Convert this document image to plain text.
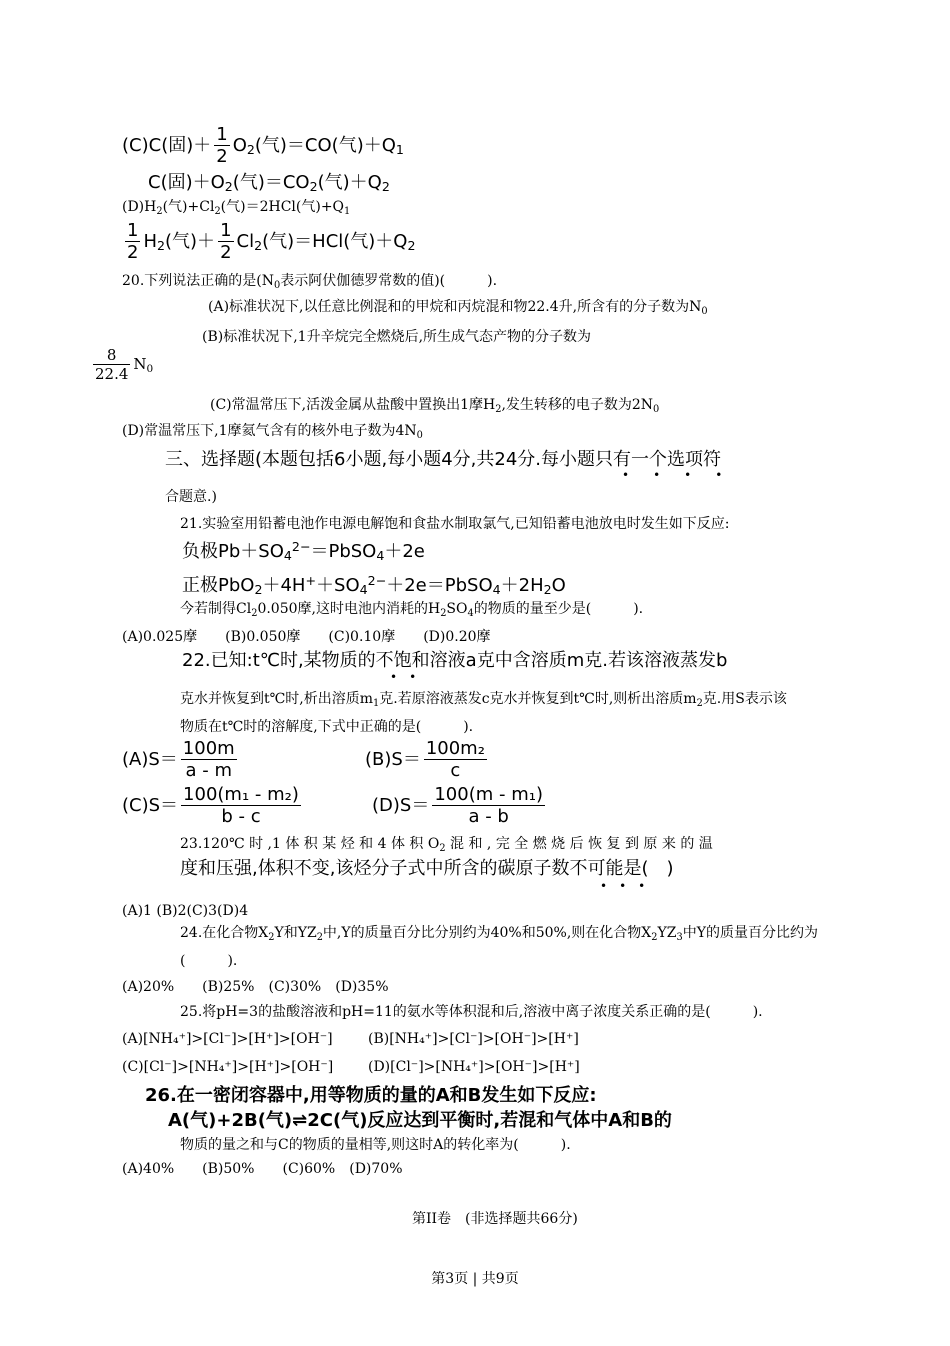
(C)C(固)＋ $\frac{1}{2} O_2$(气)＝CO(气)$+Q_1$
C(固)$+O_2$(气)$=CO_2$(气)$+Q_2$
$(D)H_2$(气)$+Cl_2$(气)＝2HCl(气)$+Q_1$
$\frac{1}{2} H_2$(气)＋ $\frac{1}{2} Cl_2$(气)＝HCl(气)$+Q_2$
20.下列说法正确的是($N_0$表示阿伏伽德罗常数的值)(　　　).
(A)标准状况下,以任意比例混和的甲烷和丙烷混和物22.4升,所含有的分子数为$N_0$
(B)标准状况下,1升辛烷完全燃烧后,所生成气态产物的分子数为
$\frac{8}{22.4} N_0$
(C)常温常压下,活泼金属从盐酸中置换出1摩$H_2$,发生转移的电子数为$2N_0$
(D)常温常压下,1摩氦气含有的核外电子数为$4N_0$
三、选择题(本题包括6小题,每小题4分,共24分.每小题只有一个选项符
•  •  •  •
合题意.)
21.实验室用铅蓄电池作电源电解饱和食盐水制取氯气,已知铅蓄电池放电时发生如下反应:
负极$Pb+SO_4^{2-}=PbSO_4+2e$
正极$PbO_2+4H^++SO_4^{2-}+2e=PbSO_4+2H_2O$
今若制得$Cl_20.050$摩,这时电池内消耗的$H_2SO_4$的物质的量至少是(　　　).
(A)0.025摩　　(B)0.050摩　　(C)0.10摩　　(D)0.20摩
22.已知:t℃时,某物质的不饱和溶液a克中含溶质m克.若该溶液蒸发b
• •
克水并恢复到t℃时,析出溶质$m_1$克.若原溶液蒸发c克水并恢复到t℃时,则析出溶质$m_2$克.用S表示该
物质在t℃时的溶解度,下式中正确的是(　　　).
$(A)S= \frac{100m}{a - m}$	$(B)S= \frac{\text{100m₂}}{c}$
$(C)S= \frac{\text{100(m₁ - m₂)}}{b - c}$	$(D)S= \frac{\text{100(m - m₁)}}{a - b}$
23.120℃ 时 ,1 体 积 某 烃 和 4 体 积 $O_2$ 混 和 , 完 全 燃 烧 后 恢 复 到 原 来 的 温
度和压强,体积不变,该烃分子式中所含的碳原子数不可能是(　)
• • •
(A)1 (B)2(C)3(D)4
24.在化合物$X_2Y$和$YZ_2$中,Y的质量百分比分别约为40%和50%,则在化合物$X_2YZ_3$中Y的质量百分比约为
(　　　).
(A)20%　　(B)25%　(C)30%　(D)35%
25.将pH=3的盐酸溶液和pH=11的氨水等体积混和后,溶液中离子浓度关系正确的是(　　　).
(A)[NH₄⁺]>[Cl⁻]>[H⁺]>[OH⁻]	(B)[NH₄⁺]>[Cl⁻]>[OH⁻]>[H⁺]
(C)[Cl⁻]>[NH₄⁺]>[H⁺]>[OH⁻] (D)[Cl⁻]>[NH₄⁺]>[OH⁻]>[H⁺]
26.在一密闭容器中,用等物质的量的A和B发生如下反应:
A(气)+2B(气)⇌2C(气)反应达到平衡时,若混和气体中A和B的
物质的量之和与C的物质的量相等,则这时A的转化率为(　　　).
(A)40%　　(B)50%　　(C)60%　(D)70%
第II卷　(非选择题共66分)
第3页 | 共9页
